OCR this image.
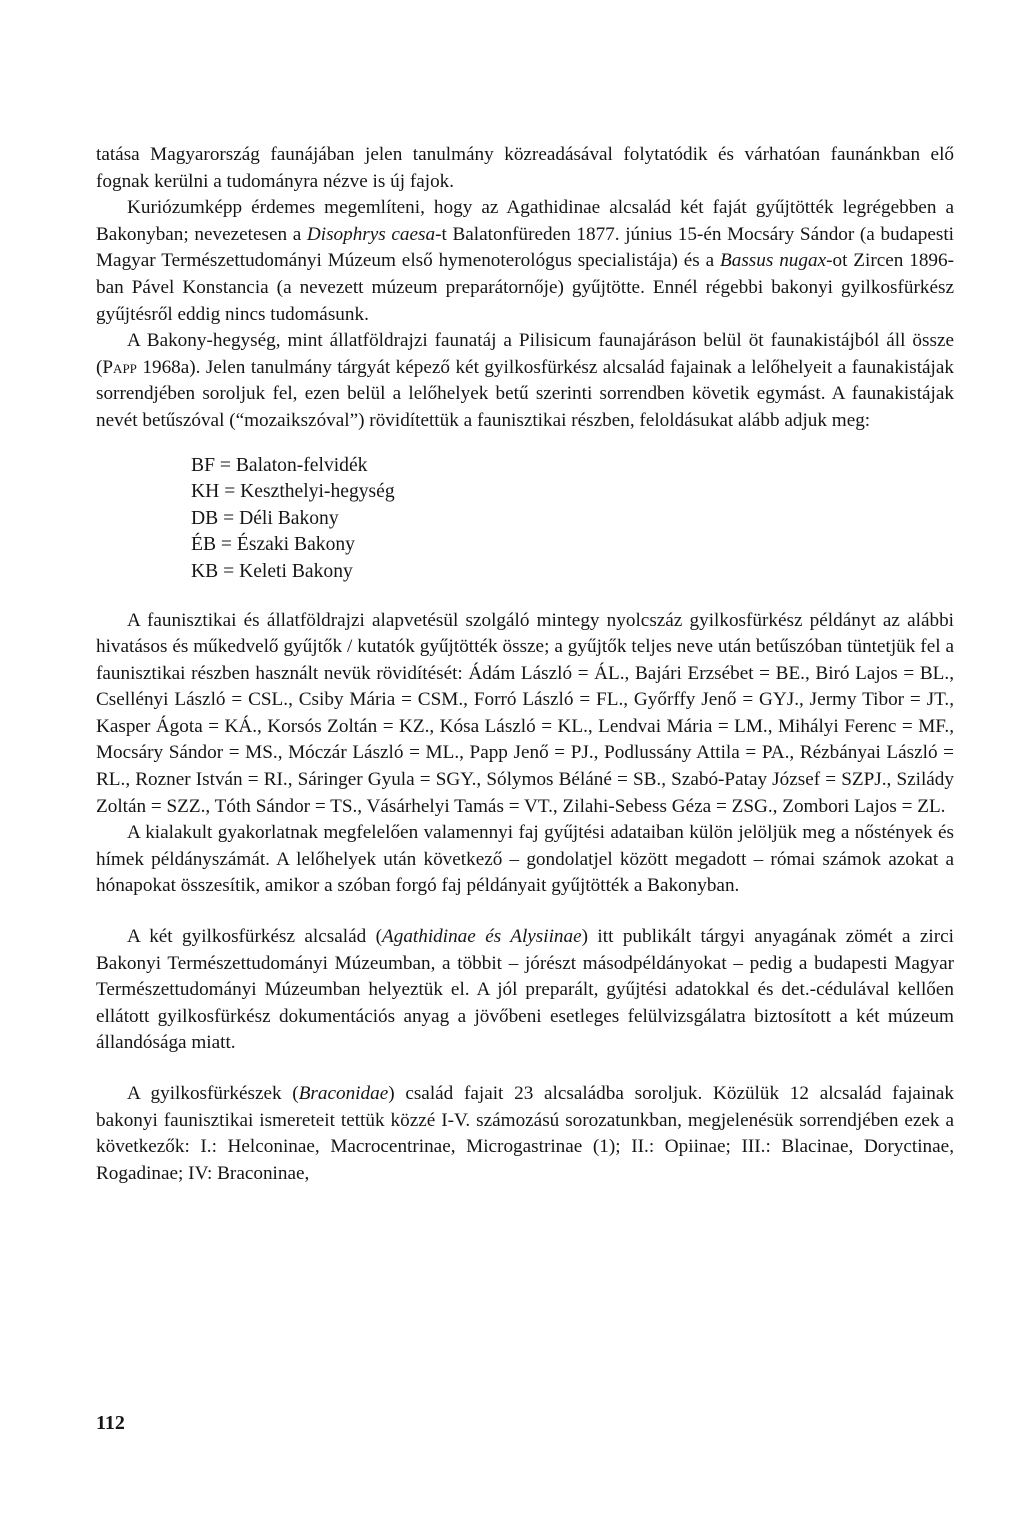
tatása Magyarország faunájában jelen tanulmány közreadásával folytatódik és várhatóan faunánkban elő fognak kerülni a tudományra nézve is új fajok.

Kuriózumképp érdemes megemlíteni, hogy az Agathidinae alcsalád két faját gyűjtötték legrégebben a Bakonyban; nevezetesen a Disophrys caesa-t Balatonfüreden 1877. június 15-én Mocsáry Sándor (a budapesti Magyar Természettudományi Múzeum első hymenoterológus specialistája) és a Bassus nugax-ot Zircen 1896-ban Pável Konstancia (a nevezett múzeum preparátornője) gyűjtötte. Ennél régebbi bakonyi gyilkosfürkész gyűjtésről eddig nincs tudomásunk.

A Bakony-hegység, mint állatföldrajzi faunatáj a Pilisicum faunajáráson belül öt faunakistájból áll össze (Papp 1968a). Jelen tanulmány tárgyát képező két gyilkosfürkész alcsalád fajainak a lelőhelyeit a faunakistájak sorrendjében soroljuk fel, ezen belül a lelőhelyek betű szerinti sorrendben követik egymást. A faunakistájak nevét betűszóval (“mozaikszóval”) rövidítettük a faunisztikai részben, feloldásukat alább adjuk meg:

BF = Balaton-felvidék
KH = Keszthelyi-hegység
DB = Déli Bakony
ÉB = Északi Bakony
KB = Keleti Bakony

A faunisztikai és állatföldrajzi alapvetésül szolgáló mintegy nyolcszáz gyilkosfürkész példányt az alábbi hivatásos és műkedvelő gyűjtők / kutatók gyűjtötték össze; a gyűjtők teljes neve után betűszóban tüntetjük fel a faunisztikai részben használt nevük rövidítését: Ádám László = ÁL., Bajári Erzsébet = BE., Biró Lajos = BL., Csellényi László = CSL., Csiby Mária = CSM., Forró László = FL., Győrffy Jenő = GYJ., Jermy Tibor = JT., Kasper Ágota = KÁ., Korsós Zoltán = KZ., Kósa László = KL., Lendvai Mária = LM., Mihályi Ferenc = MF., Mocsáry Sándor = MS., Móczár László = ML., Papp Jenő = PJ., Podlussány Attila = PA., Rézbányai László = RL., Rozner István = RI., Sáringer Gyula = SGY., Sólymos Béláné = SB., Szabó-Patay József = SZPJ., Szilády Zoltán = SZZ., Tóth Sándor = TS., Vásárhelyi Tamás = VT., Zilahi-Sebess Géza = ZSG., Zombori Lajos = ZL.

A kialakult gyakorlatnak megfelelően valamennyi faj gyűjtési adataiban külön jelöljük meg a nőstények és hímek példányszámát. A lelőhelyek után következő – gondolatjel között megadott – római számok azokat a hónapokat összesítik, amikor a szóban forgó faj példányait gyűjtötték a Bakonyban.

A két gyilkosfürkész alcsalád (Agathidinae és Alysiinae) itt publikált tárgyi anyagának zömét a zirci Bakonyi Természettudományi Múzeumban, a többit – jórészt másodpéldányokat – pedig a budapesti Magyar Természettudományi Múzeumban helyeztük el. A jól preparált, gyűjtési adatokkal és det.-cédulával kellően ellátott gyilkosfürkész dokumentációs anyag a jövőbeni esetleges felülvizsgálatra biztosított a két múzeum állandósága miatt.

A gyilkosfürkészek (Braconidae) család fajait 23 alcsaládba soroljuk. Közülük 12 alcsalád fajainak bakonyi faunisztikai ismereteit tettük közzé I-V. számozású sorozatunkban, megjelenésük sorrendjében ezek a következők: I.: Helconinae, Macrocentrinae, Microgastrinae (1); II.: Opiinae; III.: Blacinae, Doryctinae, Rogadinae; IV: Braconinae,

112
